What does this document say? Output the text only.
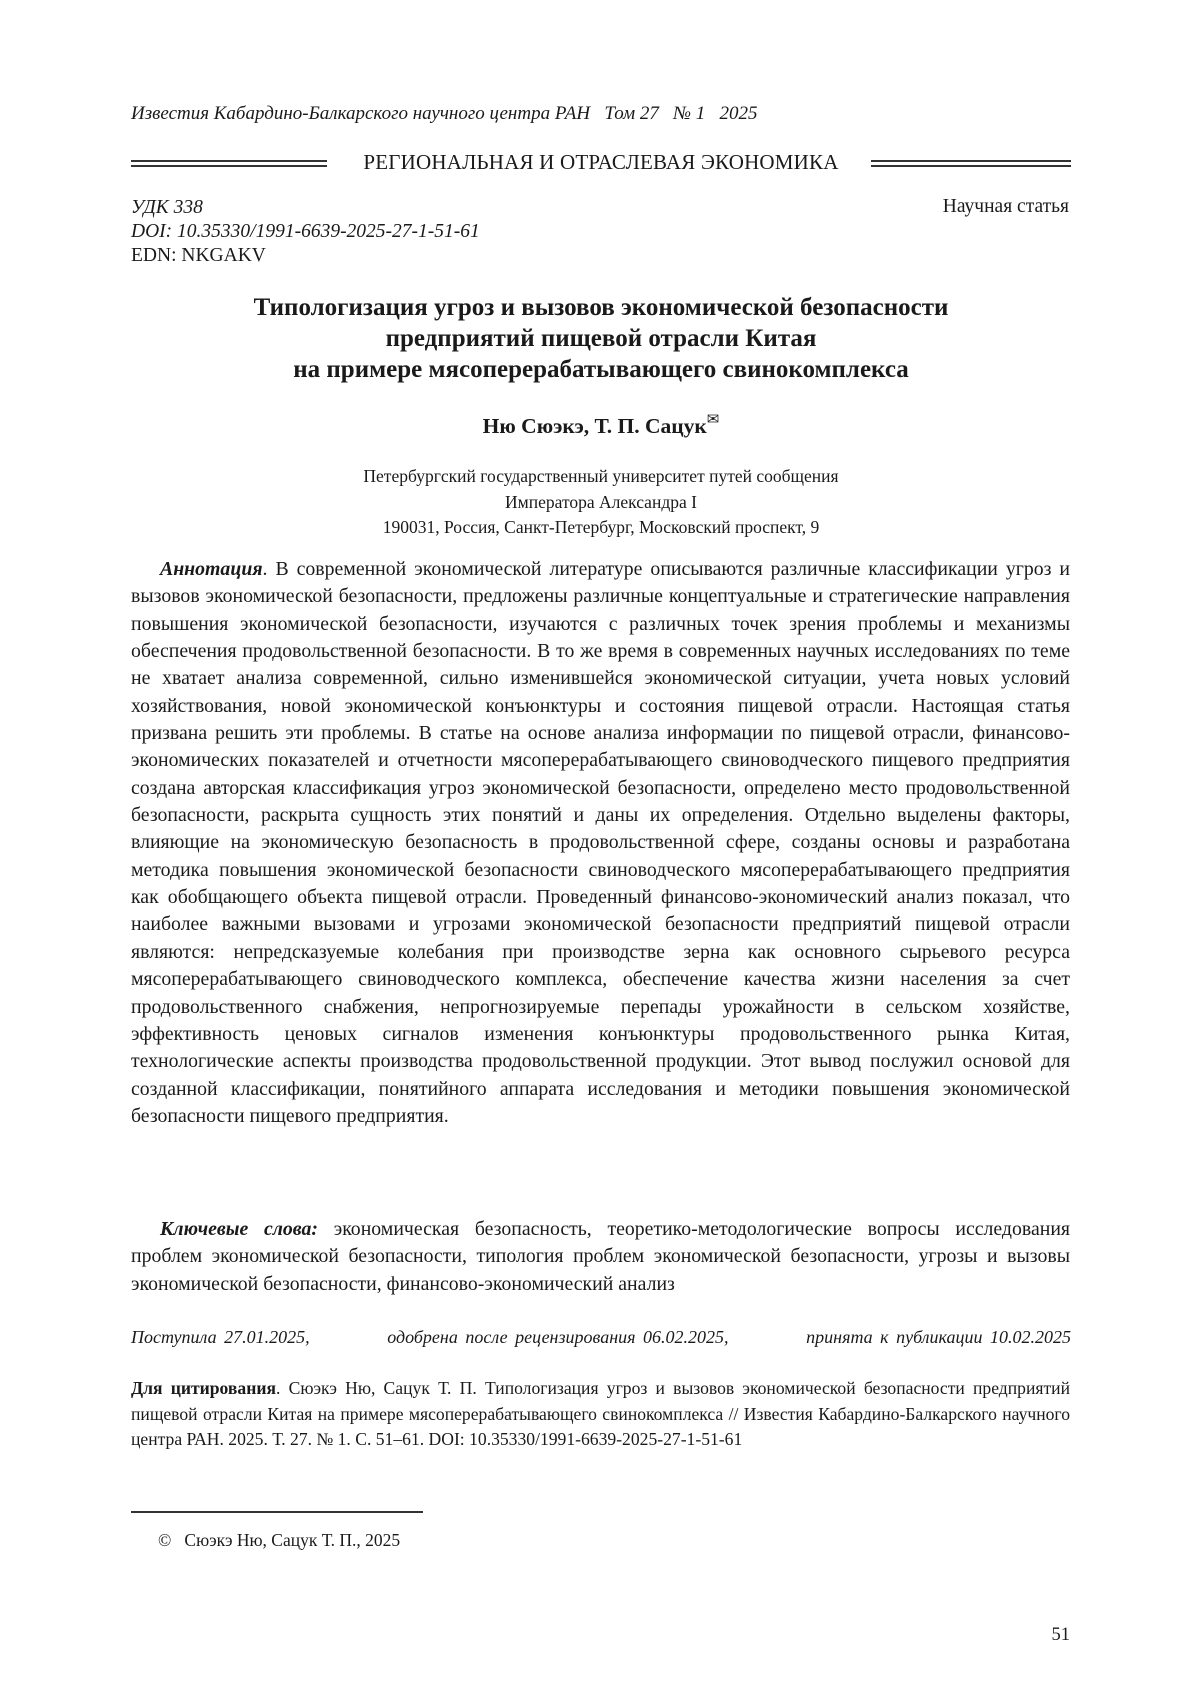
Известия Кабардино-Балкарского научного центра РАН   Том 27   № 1   2025
РЕГИОНАЛЬНАЯ И ОТРАСЛЕВАЯ ЭКОНОМИКА
УДК 338
DOI: 10.35330/1991-6639-2025-27-1-51-61
EDN: NKGAKV
Научная статья
Типологизация угроз и вызовов экономической безопасности
предприятий пищевой отрасли Китая
на примере мясоперерабатывающего свинокомплекса
Ню Сюэкэ, Т. П. Сацук✉
Петербургский государственный университет путей сообщения
Императора Александра I
190031, Россия, Санкт-Петербург, Московский проспект, 9
Аннотация. В современной экономической литературе описываются различные классификации угроз и вызовов экономической безопасности, предложены различные концептуальные и стратегические направления повышения экономической безопасности, изучаются с различных точек зрения проблемы и механизмы обеспечения продовольственной безопасности. В то же время в современных научных исследованиях по теме не хватает анализа современной, сильно изменившейся экономической ситуации, учета новых условий хозяйствования, новой экономической конъюнктуры и состояния пищевой отрасли. Настоящая статья призвана решить эти проблемы. В статье на основе анализа информации по пищевой отрасли, финансово-экономических показателей и отчетности мясоперерабатывающего свиноводческого пищевого предприятия создана авторская классификация угроз экономической безопасности, определено место продовольственной безопасности, раскрыта сущность этих понятий и даны их определения. Отдельно выделены факторы, влияющие на экономическую безопасность в продовольственной сфере, созданы основы и разработана методика повышения экономической безопасности свиноводческого мясоперерабатывающего предприятия как обобщающего объекта пищевой отрасли. Проведенный финансово-экономический анализ показал, что наиболее важными вызовами и угрозами экономической безопасности предприятий пищевой отрасли являются: непредсказуемые колебания при производстве зерна как основного сырьевого ресурса мясоперерабатывающего свиноводческого комплекса, обеспечение качества жизни населения за счет продовольственного снабжения, непрогнозируемые перепады урожайности в сельском хозяйстве, эффективность ценовых сигналов изменения конъюнктуры продовольственного рынка Китая, технологические аспекты производства продовольственной продукции. Этот вывод послужил основой для созданной классификации, понятийного аппарата исследования и методики повышения экономической безопасности пищевого предприятия.
Ключевые слова: экономическая безопасность, теоретико-методологические вопросы исследования проблем экономической безопасности, типология проблем экономической безопасности, угрозы и вызовы экономической безопасности, финансово-экономический анализ
Поступила 27.01.2025,	одобрена после рецензирования 06.02.2025,	принята к публикации 10.02.2025
Для цитирования. Сюэкэ Ню, Сацук Т. П. Типологизация угроз и вызовов экономической безопасности предприятий пищевой отрасли Китая на примере мясоперерабатывающего свинокомплекса // Известия Кабардино-Балкарского научного центра РАН. 2025. Т. 27. № 1. С. 51–61. DOI: 10.35330/1991-6639-2025-27-1-51-61
©   Сюэкэ Ню, Сацук Т. П., 2025
51
